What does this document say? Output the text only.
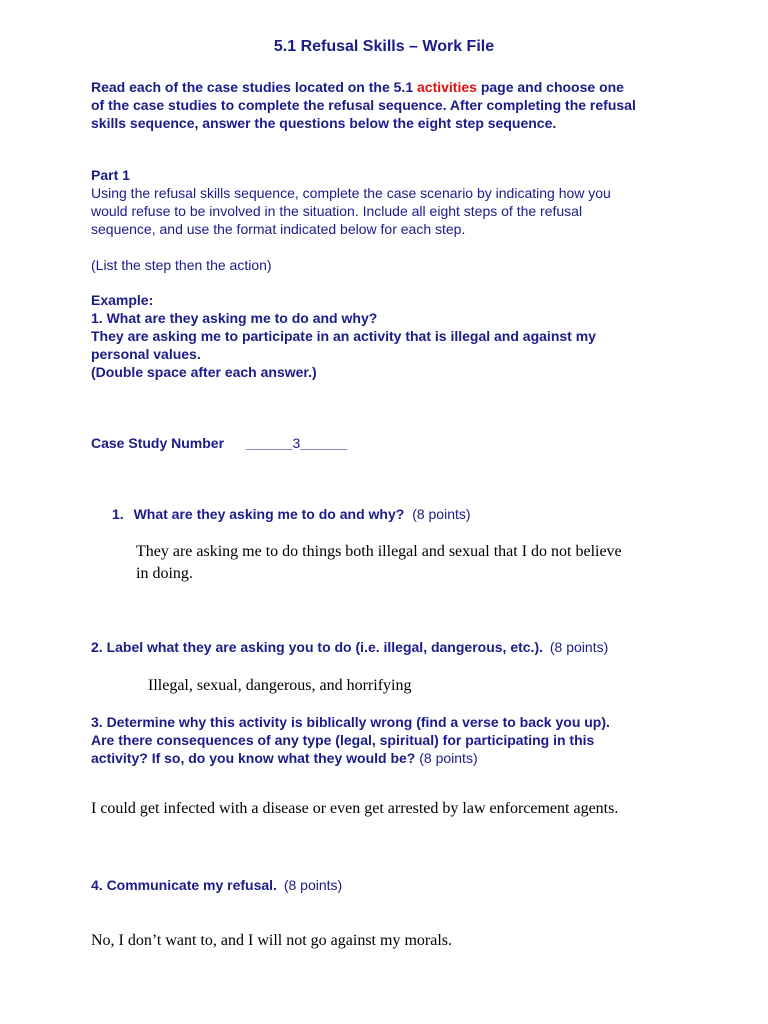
5.1 Refusal Skills – Work File
Read each of the case studies located on the 5.1 activities page and choose one
of the case studies to complete the refusal sequence. After completing the refusal
skills sequence, answer the questions below the eight step sequence.
Part 1
Using the refusal skills sequence, complete the case scenario by indicating how you
would refuse to be involved in the situation. Include all eight steps of the refusal
sequence, and use the format indicated below for each step.
(List the step then the action)
Example:
1. What are they asking me to do and why?
They are asking me to participate in an activity that is illegal and against my
personal values.
(Double space after each answer.)
Case Study Number ______3______
1. What are they asking me to do and why? (8 points)
They are asking me to do things both illegal and sexual that I do not believe
in doing.
2. Label what they are asking you to do (i.e. illegal, dangerous, etc.). (8 points)
Illegal, sexual, dangerous, and horrifying
3. Determine why this activity is biblically wrong (find a verse to back you up).
Are there consequences of any type (legal, spiritual) for participating in this
activity? If so, do you know what they would be? (8 points)
I could get infected with a disease or even get arrested by law enforcement agents.
4. Communicate my refusal. (8 points)
No, I don’t want to, and I will not go against my morals.
